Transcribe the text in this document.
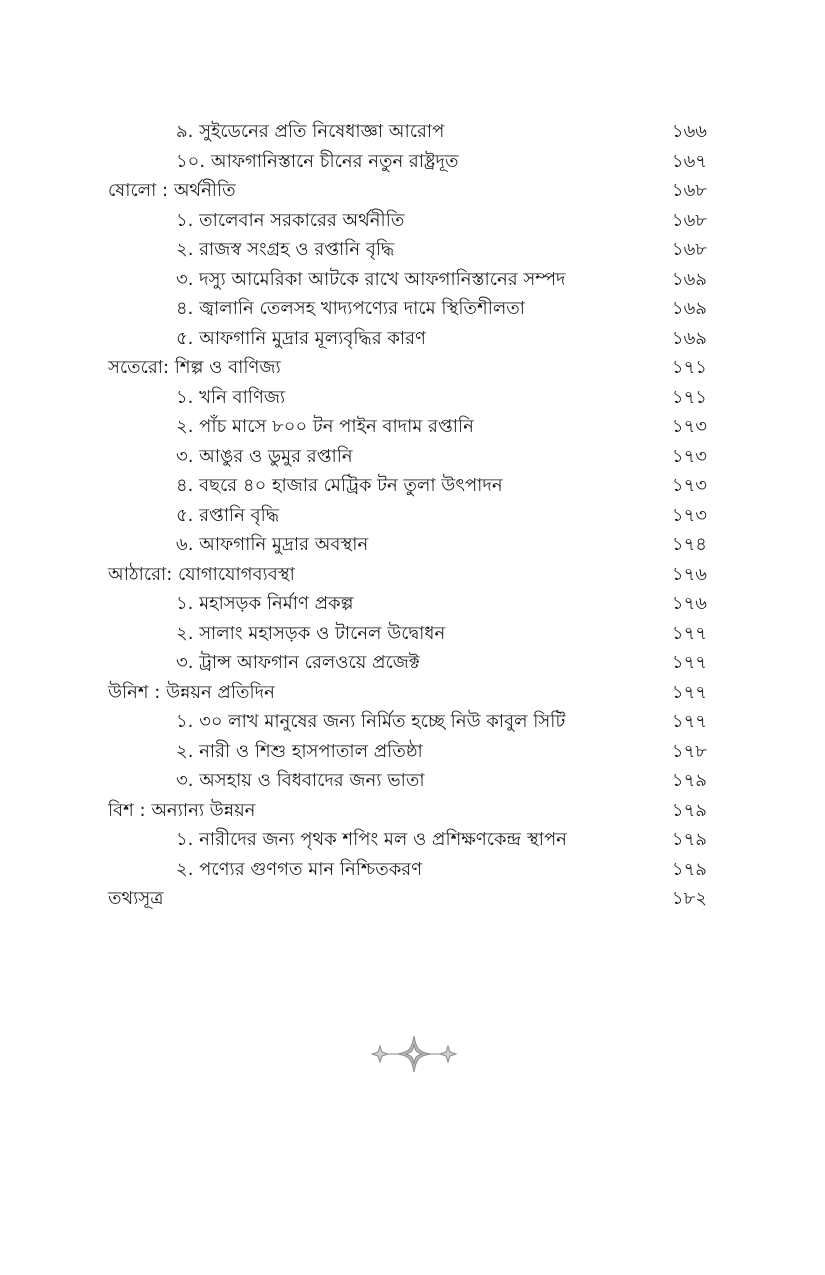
৯. সুইডেনের প্রতি নিষেধাজ্ঞা আরোপ	১৬৬
১০. আফগানিস্তানে চীনের নতুন রাষ্ট্রদূত	১৬৭
ষোলো : অর্থনীতি	১৬৮
১. তালেবান সরকারের অর্থনীতি	১৬৮
২. রাজস্ব সংগ্রহ ও রপ্তানি বৃদ্ধি	১৬৮
৩. দস্যু আমেরিকা আটকে রাখে আফগানিস্তানের সম্পদ	১৬৯
৪. জ্বালানি তেলসহ খাদ্যপণ্যের দামে স্থিতিশীলতা	১৬৯
৫. আফগানি মুদ্রার মূল্যবৃদ্ধির কারণ	১৬৯
সতেরো: শিল্প ও বাণিজ্য	১৭১
১. খনি বাণিজ্য	১৭১
২. পাঁচ মাসে ৮০০ টন পাইন বাদাম রপ্তানি	১৭৩
৩. আঙুর ও ডুমুর রপ্তানি	১৭৩
৪. বছরে ৪০ হাজার মেট্রিক টন তুলা উৎপাদন	১৭৩
৫. রপ্তানি বৃদ্ধি	১৭৩
৬. আফগানি মুদ্রার অবস্থান	১৭৪
আঠারো: যোগাযোগব্যবস্থা	১৭৬
১. মহাসড়ক নির্মাণ প্রকল্প	১৭৬
২. সালাং মহাসড়ক ও টানেল উদ্বোধন	১৭৭
৩. ট্রান্স আফগান রেলওয়ে প্রজেক্ট	১৭৭
উনিশ : উন্নয়ন প্রতিদিন	১৭৭
১. ৩০ লাখ মানুষের জন্য নির্মিত হচ্ছে নিউ কাবুল সিটি	১৭৭
২. নারী ও শিশু হাসপাতাল প্রতিষ্ঠা	১৭৮
৩. অসহায় ও বিধবাদের জন্য ভাতা	১৭৯
বিশ : অন্যান্য উন্নয়ন	১৭৯
১. নারীদের জন্য পৃথক শপিং মল ও প্রশিক্ষণকেন্দ্র স্থাপন	১৭৯
২. পণ্যের গুণগত মান নিশ্চিতকরণ	১৭৯
তথ্যসূত্র	১৮২
